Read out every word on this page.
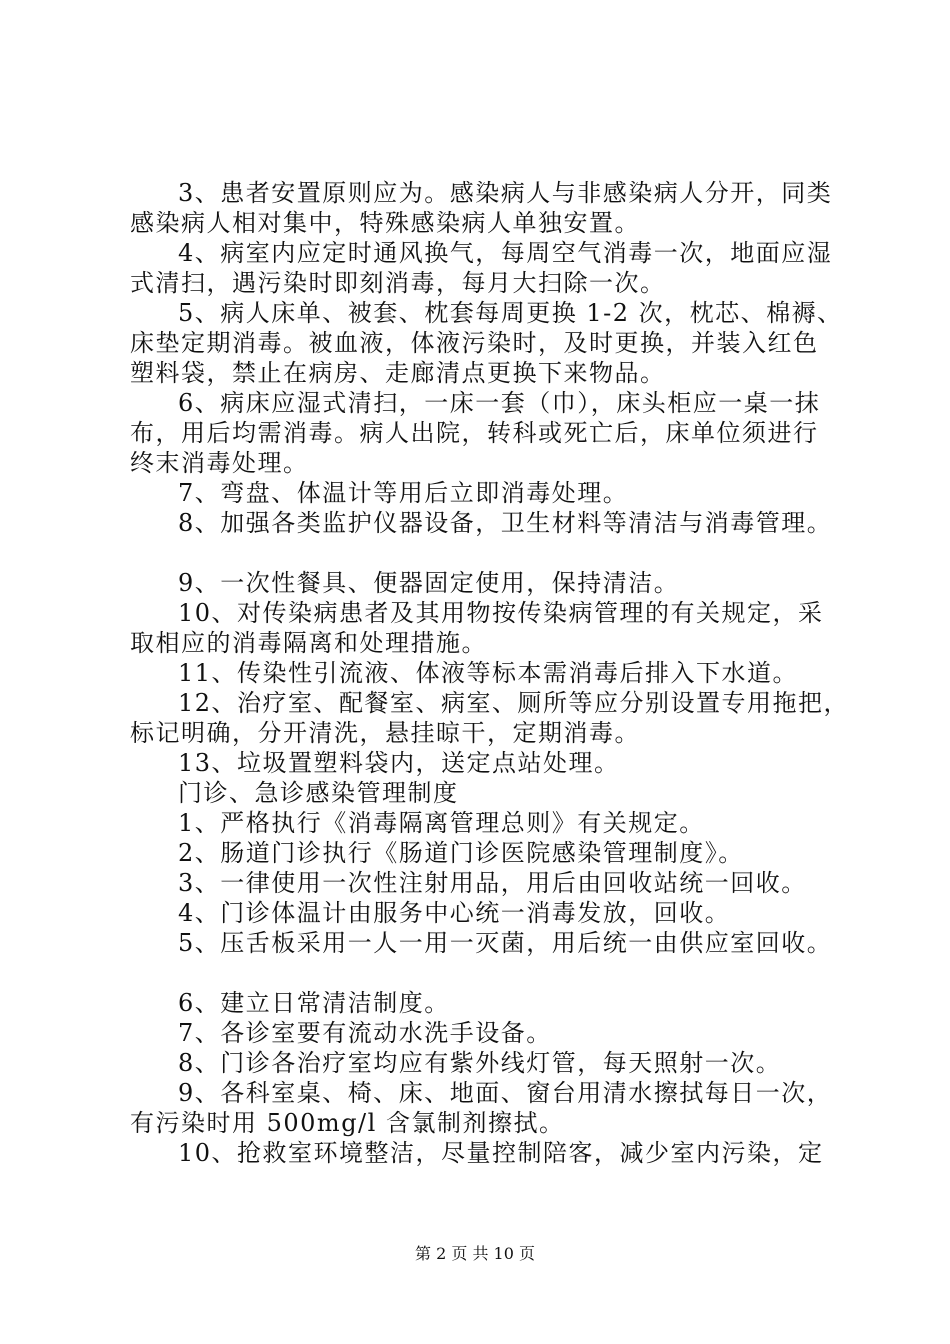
3、患者安置原则应为。感染病人与非感染病人分开，同类
感染病人相对集中，特殊感染病人单独安置。
4、病室内应定时通风换气，每周空气消毒一次，地面应湿
式清扫，遇污染时即刻消毒，每月大扫除一次。
5、病人床单、被套、枕套每周更换 1-2 次，枕芯、棉褥、
床垫定期消毒。被血液，体液污染时，及时更换，并装入红色
塑料袋，禁止在病房、走廊清点更换下来物品。
6、病床应湿式清扫，一床一套（巾），床头柜应一桌一抹
布，用后均需消毒。病人出院，转科或死亡后，床单位须进行
终末消毒处理。
7、弯盘、体温计等用后立即消毒处理。
8、加强各类监护仪器设备，卫生材料等清洁与消毒管理。
9、一次性餐具、便器固定使用，保持清洁。
10、对传染病患者及其用物按传染病管理的有关规定，采
取相应的消毒隔离和处理措施。
11、传染性引流液、体液等标本需消毒后排入下水道。
12、治疗室、配餐室、病室、厕所等应分别设置专用拖把，
标记明确，分开清洗，悬挂晾干，定期消毒。
13、垃圾置塑料袋内，送定点站处理。
门诊、急诊感染管理制度
1、严格执行《消毒隔离管理总则》有关规定。
2、肠道门诊执行《肠道门诊医院感染管理制度》。
3、一律使用一次性注射用品，用后由回收站统一回收。
4、门诊体温计由服务中心统一消毒发放，回收。
5、压舌板采用一人一用一灭菌，用后统一由供应室回收。
6、建立日常清洁制度。
7、各诊室要有流动水洗手设备。
8、门诊各治疗室均应有紫外线灯管，每天照射一次。
9、各科室桌、椅、床、地面、窗台用清水擦拭每日一次，
有污染时用 500mg/l 含氯制剂擦拭。
10、抢救室环境整洁，尽量控制陪客，减少室内污染，定
第 2 页 共 10 页
